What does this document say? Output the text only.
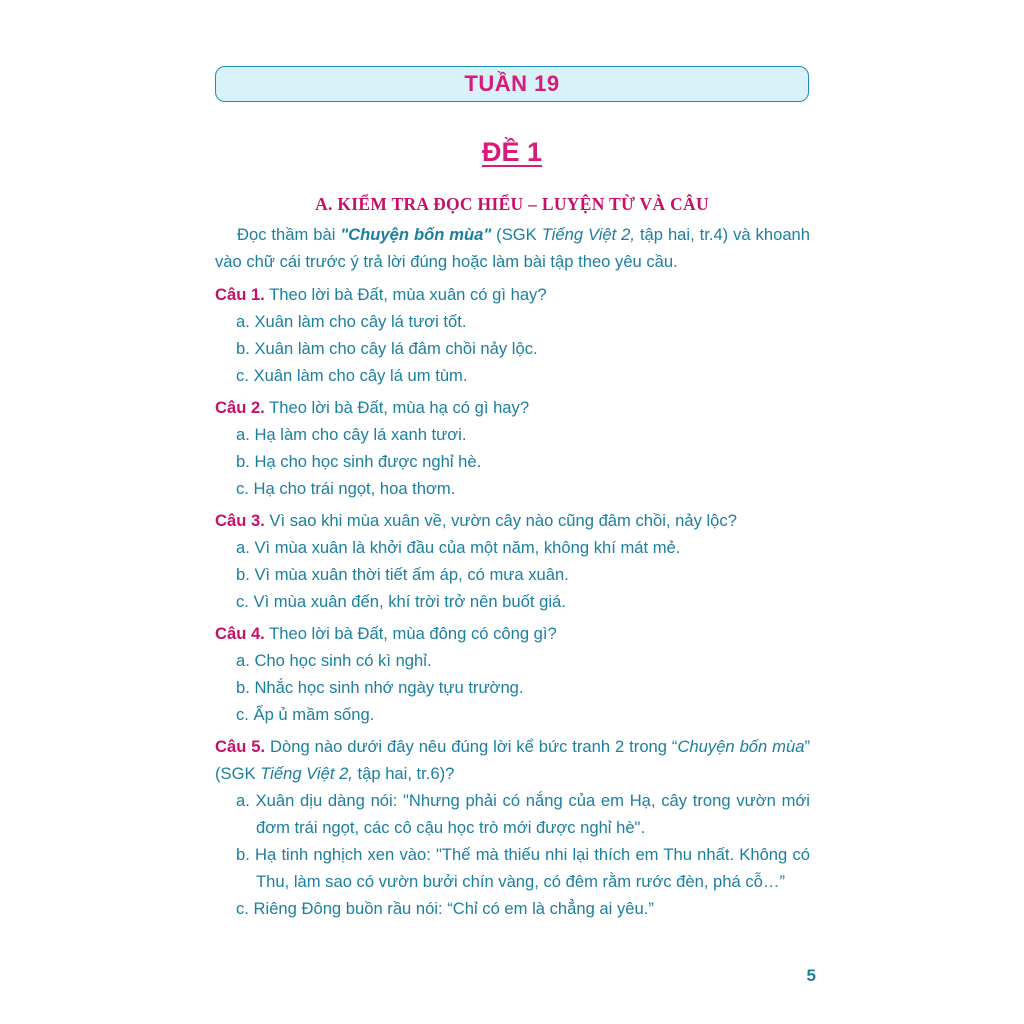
TUẦN 19
ĐỀ 1
A. KIỂM TRA ĐỌC HIỂU – LUYỆN TỪ VÀ CÂU

Đọc thầm bài "Chuyện bốn mùa" (SGK Tiếng Việt 2, tập hai, tr.4) và khoanh vào chữ cái trước ý trả lời đúng hoặc làm bài tập theo yêu cầu.

Câu 1. Theo lời bà Đất, mùa xuân có gì hay?

a. Xuân làm cho cây lá tươi tốt.

b. Xuân làm cho cây lá đâm chồi nảy lộc.

c. Xuân làm cho cây lá um tùm.

Câu 2. Theo lời bà Đất, mùa hạ có gì hay?

a. Hạ làm cho cây lá xanh tươi.

b. Hạ cho học sinh được nghỉ hè.

c. Hạ cho trái ngọt, hoa thơm.

Câu 3. Vì sao khi mùa xuân về, vườn cây nào cũng đâm chồi, nảy lộc?

a. Vì mùa xuân là khởi đầu của một năm, không khí mát mẻ.

b. Vì mùa xuân thời tiết ấm áp, có mưa xuân.

c. Vì mùa xuân đến, khí trời trở nên buốt giá.

Câu 4. Theo lời bà Đất, mùa đông có công gì?

a. Cho học sinh có kì nghỉ.

b. Nhắc học sinh nhớ ngày tựu trường.

c. Ấp ủ mầm sống.

Câu 5. Dòng nào dưới đây nêu đúng lời kể bức tranh 2 trong “Chuyện bốn mùa” (SGK Tiếng Việt 2, tập hai, tr.6)?

a. Xuân dịu dàng nói: "Nhưng phải có nắng của em Hạ, cây trong vườn mới đơm trái ngọt, các cô cậu học trò mới được nghỉ hè".

b. Hạ tinh nghịch xen vào: "Thế mà thiếu nhi lại thích em Thu nhất. Không có Thu, làm sao có vườn bưởi chín vàng, có đêm rằm rước đèn, phá cỗ…”

c. Riêng Đông buồn rầu nói: “Chỉ có em là chẳng ai yêu.”

5
